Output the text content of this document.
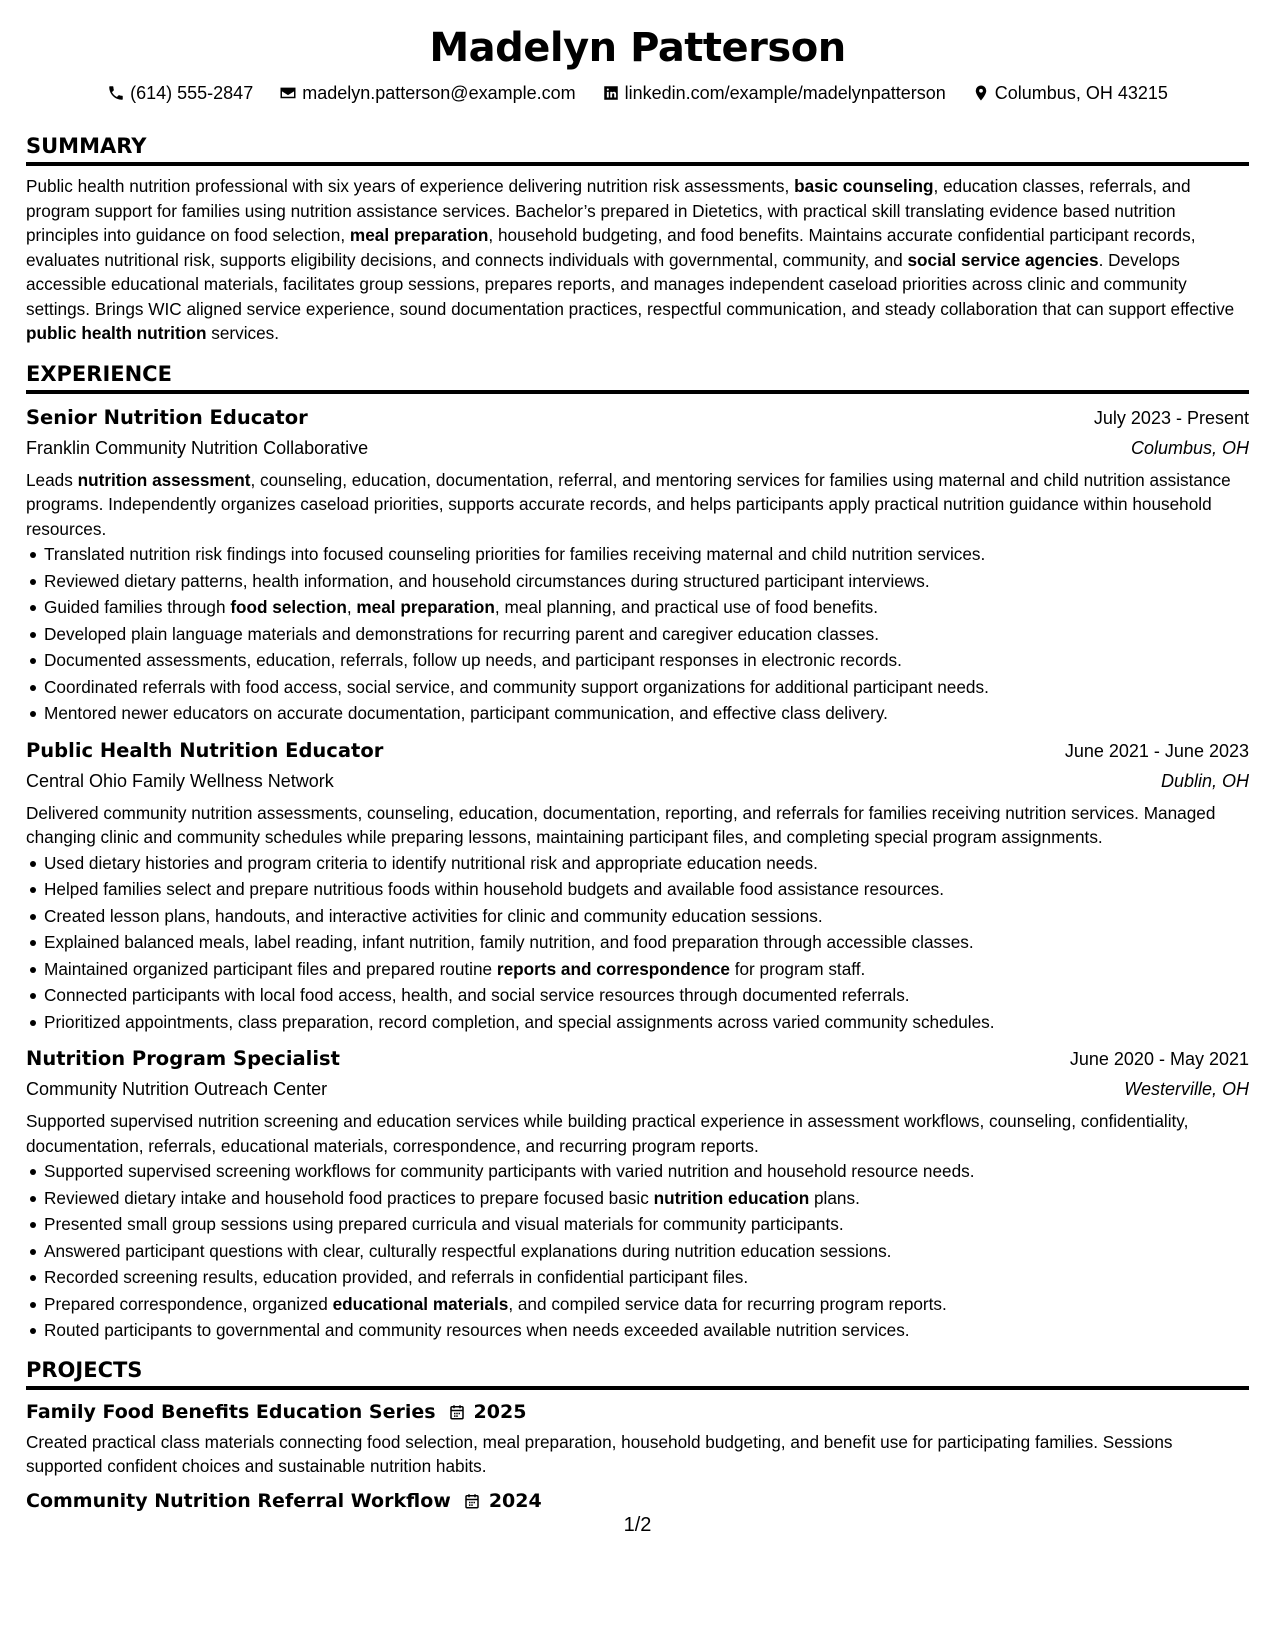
Madelyn Patterson
(614) 555-2847	madelyn.patterson@example.com	linkedin.com/example/madelynpatterson	Columbus, OH 43215
SUMMARY

Public health nutrition professional with six years of experience delivering nutrition risk assessments, basic counseling, education classes, referrals, and program support for families using nutrition assistance services. Bachelor’s prepared in Dietetics, with practical skill translating evidence based nutrition principles into guidance on food selection, meal preparation, household budgeting, and food benefits. Maintains accurate confidential participant records, evaluates nutritional risk, supports eligibility decisions, and connects individuals with governmental, community, and social service agencies. Develops accessible educational materials, facilitates group sessions, prepares reports, and manages independent caseload priorities across clinic and community settings. Brings WIC aligned service experience, sound documentation practices, respectful communication, and steady collaboration that can support effective public health nutrition services.

EXPERIENCE
Senior Nutrition Educator	July 2023 - Present
Franklin Community Nutrition Collaborative	Columbus, OH

Leads nutrition assessment, counseling, education, documentation, referral, and mentoring services for families using maternal and child nutrition assistance programs. Independently organizes caseload priorities, supports accurate records, and helps participants apply practical nutrition guidance within household resources.

Translated nutrition risk findings into focused counseling priorities for families receiving maternal and child nutrition services.
Reviewed dietary patterns, health information, and household circumstances during structured participant interviews.
Guided families through food selection, meal preparation, meal planning, and practical use of food benefits.
Developed plain language materials and demonstrations for recurring parent and caregiver education classes.
Documented assessments, education, referrals, follow up needs, and participant responses in electronic records.
Coordinated referrals with food access, social service, and community support organizations for additional participant needs.
Mentored newer educators on accurate documentation, participant communication, and effective class delivery.
Public Health Nutrition Educator	June 2021 - June 2023
Central Ohio Family Wellness Network	Dublin, OH

Delivered community nutrition assessments, counseling, education, documentation, reporting, and referrals for families receiving nutrition services. Managed changing clinic and community schedules while preparing lessons, maintaining participant files, and completing special program assignments.

Used dietary histories and program criteria to identify nutritional risk and appropriate education needs.
Helped families select and prepare nutritious foods within household budgets and available food assistance resources.
Created lesson plans, handouts, and interactive activities for clinic and community education sessions.
Explained balanced meals, label reading, infant nutrition, family nutrition, and food preparation through accessible classes.
Maintained organized participant files and prepared routine reports and correspondence for program staff.
Connected participants with local food access, health, and social service resources through documented referrals.
Prioritized appointments, class preparation, record completion, and special assignments across varied community schedules.
Nutrition Program Specialist	June 2020 - May 2021
Community Nutrition Outreach Center	Westerville, OH

Supported supervised nutrition screening and education services while building practical experience in assessment workflows, counseling, confidentiality, documentation, referrals, educational materials, correspondence, and recurring program reports.

Supported supervised screening workflows for community participants with varied nutrition and household resource needs.
Reviewed dietary intake and household food practices to prepare focused basic nutrition education plans.
Presented small group sessions using prepared curricula and visual materials for community participants.
Answered participant questions with clear, culturally respectful explanations during nutrition education sessions.
Recorded screening results, education provided, and referrals in confidential participant files.
Prepared correspondence, organized educational materials, and compiled service data for recurring program reports.
Routed participants to governmental and community resources when needs exceeded available nutrition services.
PROJECTS
Family Food Benefits Education Series 2025

Created practical class materials connecting food selection, meal preparation, household budgeting, and benefit use for participating families. Sessions supported confident choices and sustainable nutrition habits.

Community Nutrition Referral Workflow 2024
1/2
